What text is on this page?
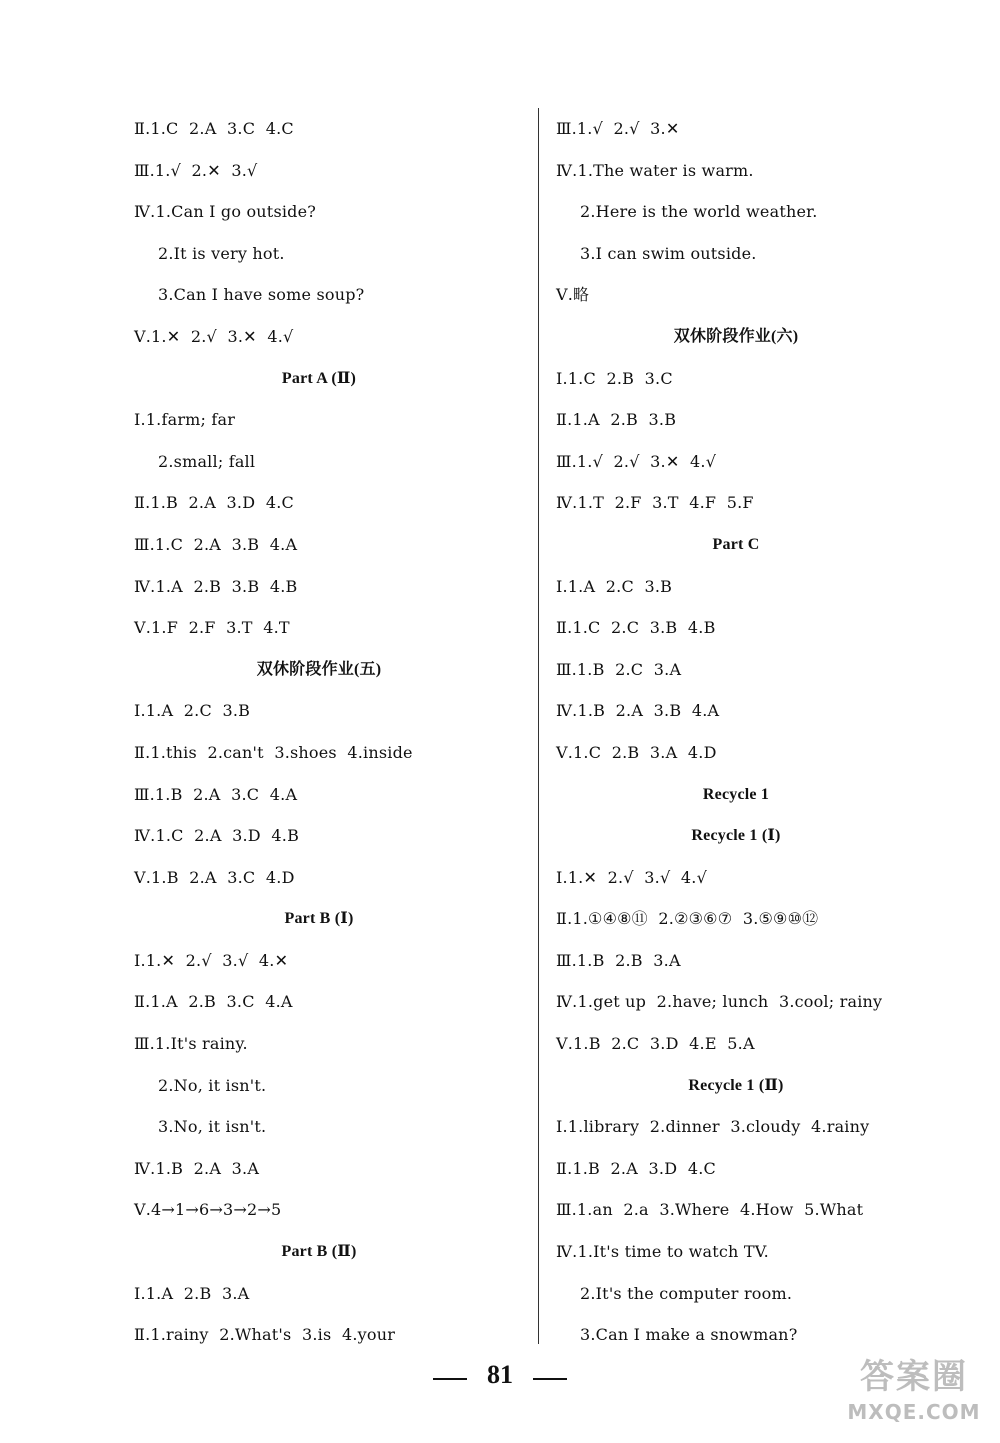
Ⅱ.1.C  2.A  3.C  4.C
Ⅲ.1.√  2.✕  3.√
Ⅳ.1.Can I go outside?
2.It is very hot.
3.Can I have some soup?
Ⅴ.1.✕  2.√  3.✕  4.√
Part A (Ⅱ)
Ⅰ.1.farm; far
2.small; fall
Ⅱ.1.B  2.A  3.D  4.C
Ⅲ.1.C  2.A  3.B  4.A
Ⅳ.1.A  2.B  3.B  4.B
Ⅴ.1.F  2.F  3.T  4.T
双休阶段作业(五)
Ⅰ.1.A  2.C  3.B
Ⅱ.1.this  2.can't  3.shoes  4.inside
Ⅲ.1.B  2.A  3.C  4.A
Ⅳ.1.C  2.A  3.D  4.B
Ⅴ.1.B  2.A  3.C  4.D
Part B (Ⅰ)
Ⅰ.1.✕  2.√  3.√  4.✕
Ⅱ.1.A  2.B  3.C  4.A
Ⅲ.1.It's rainy.
2.No, it isn't.
3.No, it isn't.
Ⅳ.1.B  2.A  3.A
Ⅴ.4→1→6→3→2→5
Part B (Ⅱ)
Ⅰ.1.A  2.B  3.A
Ⅱ.1.rainy  2.What's  3.is  4.your
Ⅲ.1.√  2.√  3.✕
Ⅳ.1.The water is warm.
2.Here is the world weather.
3.I can swim outside.
Ⅴ.略
双休阶段作业(六)
Ⅰ.1.C  2.B  3.C
Ⅱ.1.A  2.B  3.B
Ⅲ.1.√  2.√  3.✕  4.√
Ⅳ.1.T  2.F  3.T  4.F  5.F
Part C
Ⅰ.1.A  2.C  3.B
Ⅱ.1.C  2.C  3.B  4.B
Ⅲ.1.B  2.C  3.A
Ⅳ.1.B  2.A  3.B  4.A
Ⅴ.1.C  2.B  3.A  4.D
Recycle 1
Recycle 1 (Ⅰ)
Ⅰ.1.✕  2.√  3.√  4.√
Ⅱ.1.①④⑧⑪  2.②③⑥⑦  3.⑤⑨⑩⑫
Ⅲ.1.B  2.B  3.A
Ⅳ.1.get up  2.have; lunch  3.cool; rainy
Ⅴ.1.B  2.C  3.D  4.E  5.A
Recycle 1 (Ⅱ)
Ⅰ.1.library  2.dinner  3.cloudy  4.rainy
Ⅱ.1.B  2.A  3.D  4.C
Ⅲ.1.an  2.a  3.Where  4.How  5.What
Ⅳ.1.It's time to watch TV.
2.It's the computer room.
3.Can I make a snowman?
81	答案圈
MXQE.COM
